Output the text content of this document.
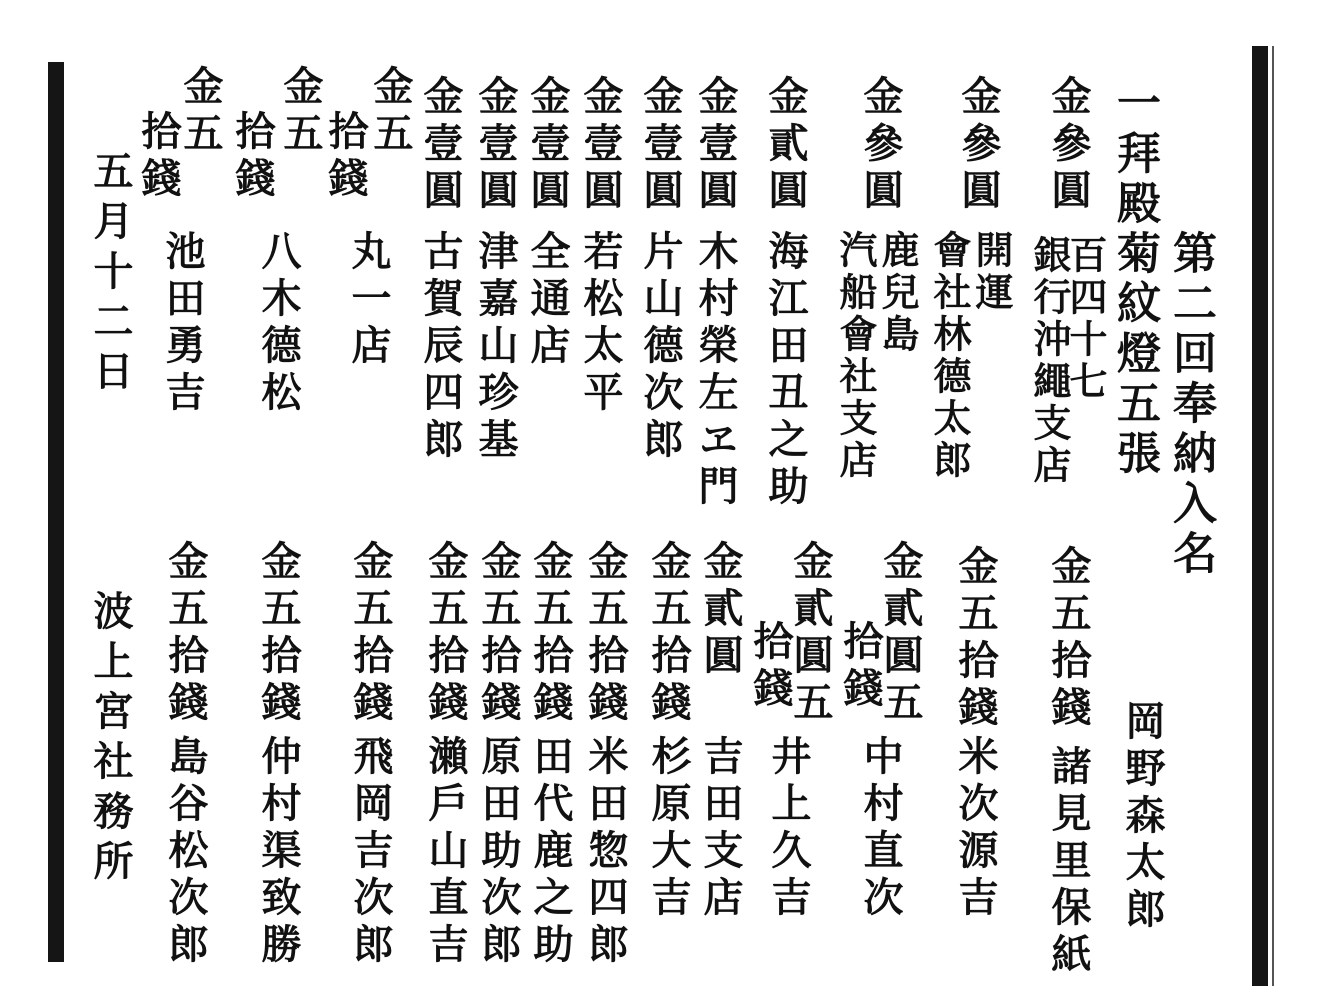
第二回奉納入名
一拜殿菊紋燈五張
岡野森太郎
金參圓
金參圓
金參圓
金貳圓
金壹圓
金壹圓
金壹圓
金壹圓
金壹圓
金壹圓
金五
拾錢
金五
拾錢
金五
拾錢
百四十七
銀行沖繩支店
開運
會社林德太郎
鹿兒島
汽船會社支店
海江田丑之助
木村榮左ヱ門
片山德次郎
若松太平
全通店
津嘉山珍基
古賀辰四郎
丸一店
八木德松
池田勇吉
金五拾錢
金五拾錢
金貳圓五
拾錢
金貳圓五
拾錢
金貳圓
金五拾錢
金五拾錢
金五拾錢
金五拾錢
金五拾錢
金五拾錢
金五拾錢
金五拾錢
諸見里保紙
米次源吉
中村直次
井上久吉
吉田支店
杉原大吉
米田惣四郎
田代鹿之助
原田助次郎
瀨戶山直吉
飛岡吉次郎
仲村渠致勝
島谷松次郎
五月十二日
波上宮社務所
